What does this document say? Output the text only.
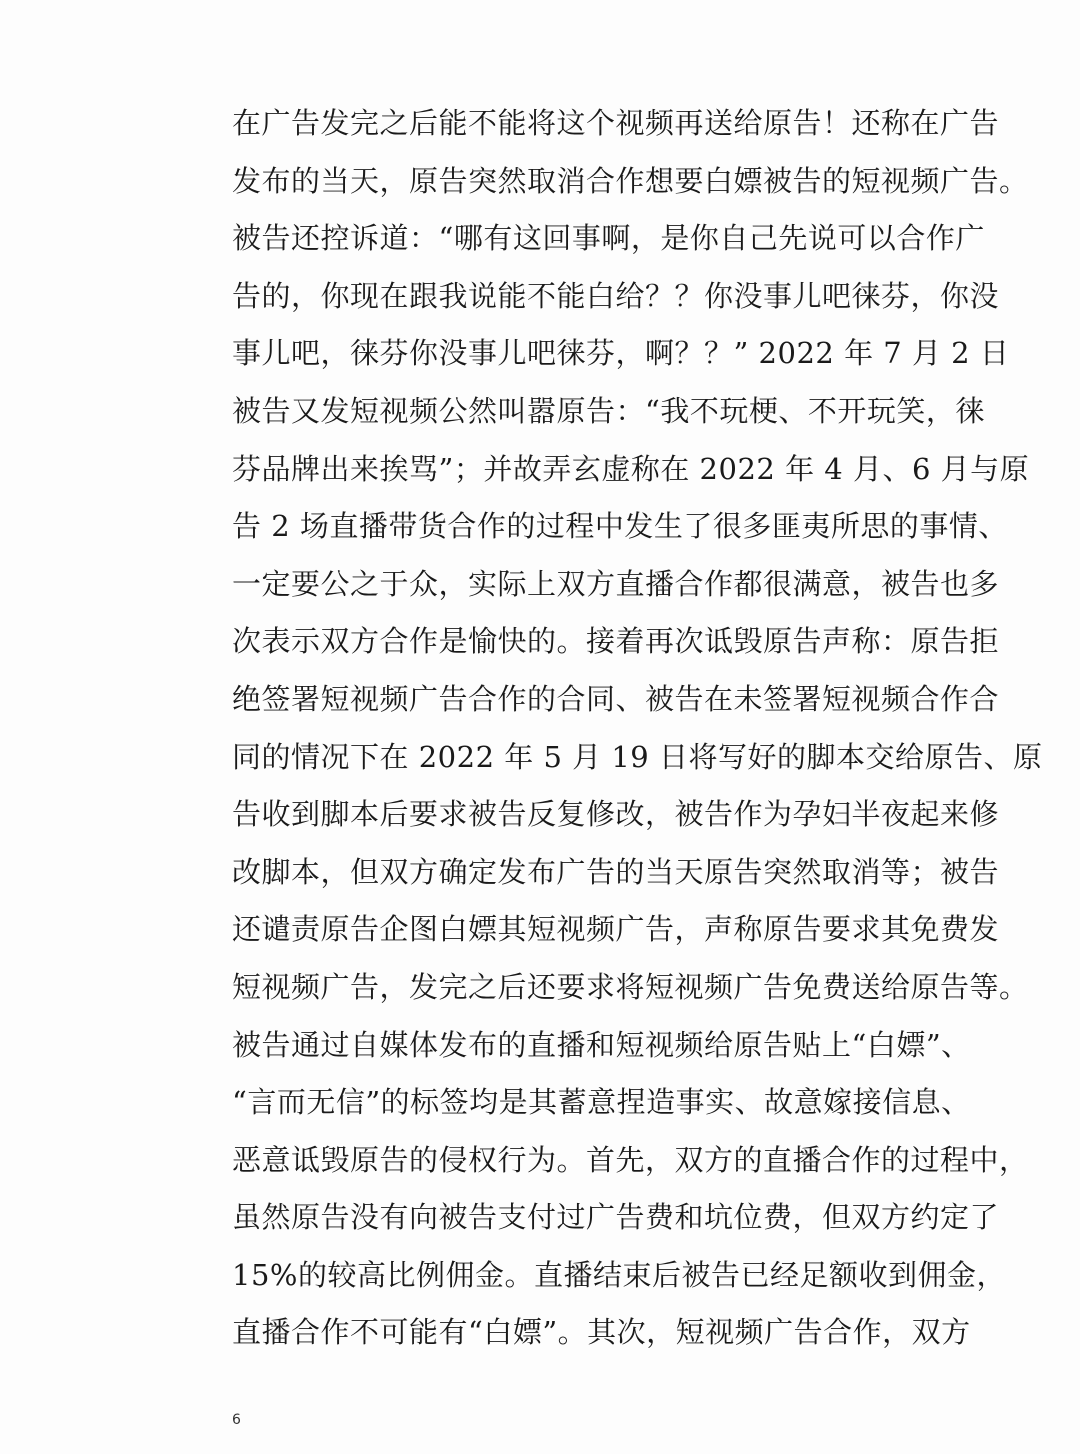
在广告发完之后能不能将这个视频再送给原告！还称在广告
发布的当天，原告突然取消合作想要白嫖被告的短视频广告。
被告还控诉道：“哪有这回事啊，是你自己先说可以合作广
告的，你现在跟我说能不能白给？？你没事儿吧徕芬，你没
事儿吧，徕芬你没事儿吧徕芬，啊？？” 2022 年 7 月 2 日
被告又发短视频公然叫嚣原告：“我不玩梗、不开玩笑，徕
芬品牌出来挨骂”；并故弄玄虚称在 2022 年 4 月、6 月与原
告 2 场直播带货合作的过程中发生了很多匪夷所思的事情、
一定要公之于众，实际上双方直播合作都很满意，被告也多
次表示双方合作是愉快的。接着再次诋毁原告声称：原告拒
绝签署短视频广告合作的合同、被告在未签署短视频合作合
同的情况下在 2022 年 5 月 19 日将写好的脚本交给原告、原
告收到脚本后要求被告反复修改，被告作为孕妇半夜起来修
改脚本，但双方确定发布广告的当天原告突然取消等；被告
还谴责原告企图白嫖其短视频广告，声称原告要求其免费发
短视频广告，发完之后还要求将短视频广告免费送给原告等。
被告通过自媒体发布的直播和短视频给原告贴上“白嫖”、
“言而无信”的标签均是其蓄意捏造事实、故意嫁接信息、
恶意诋毁原告的侵权行为。首先，双方的直播合作的过程中，
虽然原告没有向被告支付过广告费和坑位费，但双方约定了
15%的较高比例佣金。直播结束后被告已经足额收到佣金，
直播合作不可能有“白嫖”。其次，短视频广告合作，双方
6
